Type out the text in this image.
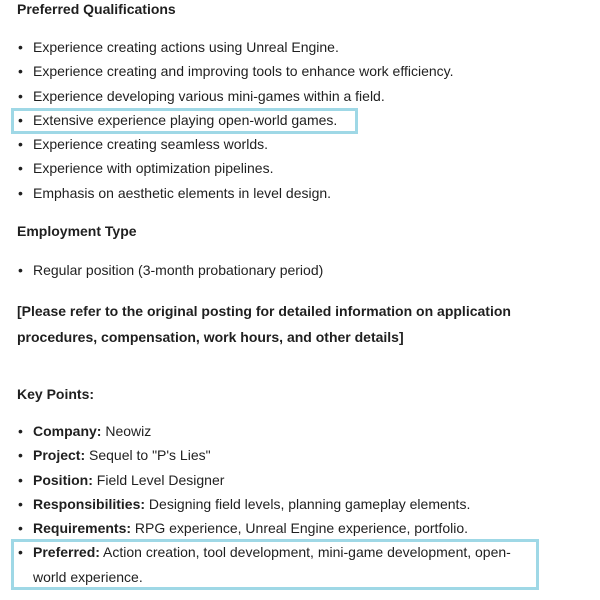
Preferred Qualifications
• Experience creating actions using Unreal Engine.
• Experience creating and improving tools to enhance work efficiency.
• Experience developing various mini-games within a field.
• Extensive experience playing open-world games.
• Experience creating seamless worlds.
• Experience with optimization pipelines.
• Emphasis on aesthetic elements in level design.
Employment Type
• Regular position (3-month probationary period)
[Please refer to the original posting for detailed information on application procedures, compensation, work hours, and other details]
Key Points:
• Company: Neowiz
• Project: Sequel to "P's Lies"
• Position: Field Level Designer
• Responsibilities: Designing field levels, planning gameplay elements.
• Requirements: RPG experience, Unreal Engine experience, portfolio.
• Preferred: Action creation, tool development, mini-game development, open-world experience.
